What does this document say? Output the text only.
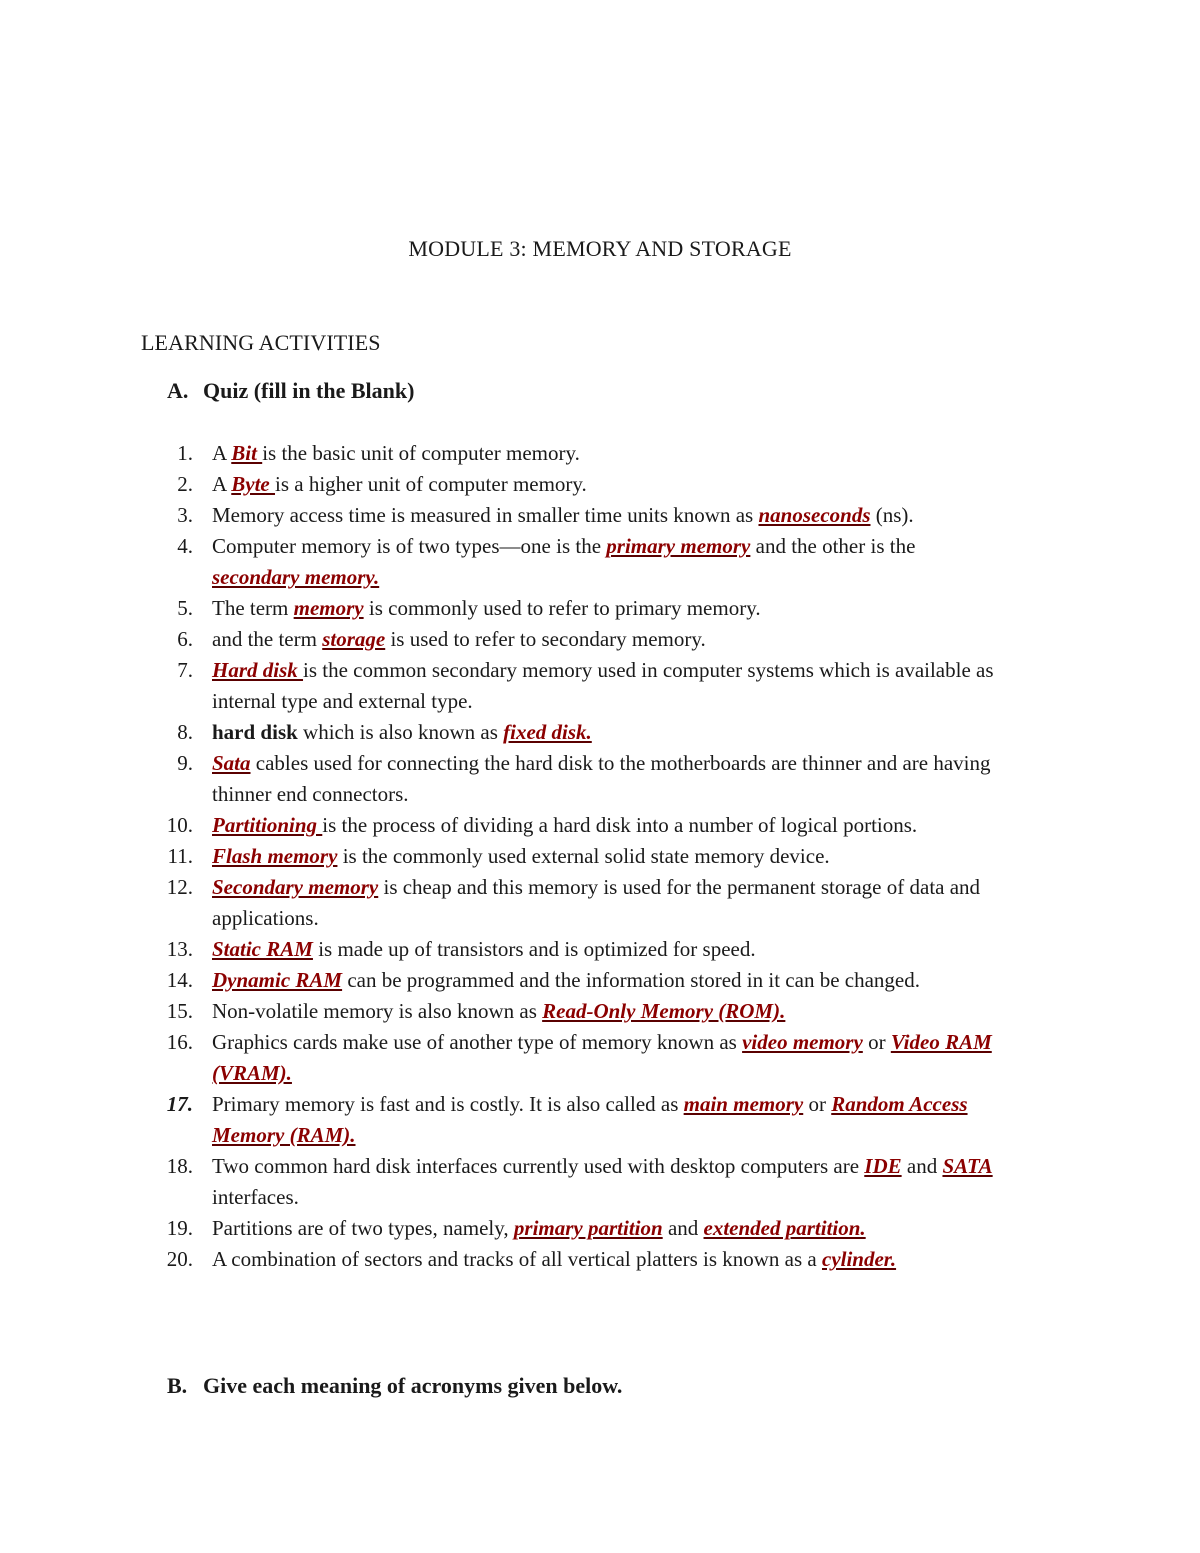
MODULE 3: MEMORY AND STORAGE
LEARNING ACTIVITIES
A. Quiz (fill in the Blank)
1. A Bit is the basic unit of computer memory.
2. A Byte is a higher unit of computer memory.
3. Memory access time is measured in smaller time units known as nanoseconds (ns).
4. Computer memory is of two types—one is the primary memory and the other is the
secondary memory.
5. The term memory is commonly used to refer to primary memory.
6. and the term storage is used to refer to secondary memory.
7. Hard disk is the common secondary memory used in computer systems which is available as internal type and external type.
8. hard disk which is also known as fixed disk.
9. Sata cables used for connecting the hard disk to the motherboards are thinner and are having thinner end connectors.
10. Partitioning is the process of dividing a hard disk into a number of logical portions.
11. Flash memory is the commonly used external solid state memory device.
12. Secondary memory is cheap and this memory is used for the permanent storage of data and applications.
13. Static RAM is made up of transistors and is optimized for speed.
14. Dynamic RAM can be programmed and the information stored in it can be changed.
15. Non-volatile memory is also known as Read-Only Memory (ROM).
16. Graphics cards make use of another type of memory known as video memory or Video RAM (VRAM).
17. Primary memory is fast and is costly. It is also called as main memory or Random Access Memory (RAM).
18. Two common hard disk interfaces currently used with desktop computers are IDE and SATA interfaces.
19. Partitions are of two types, namely, primary partition and extended partition.
20. A combination of sectors and tracks of all vertical platters is known as a cylinder.
B. Give each meaning of acronyms given below.
